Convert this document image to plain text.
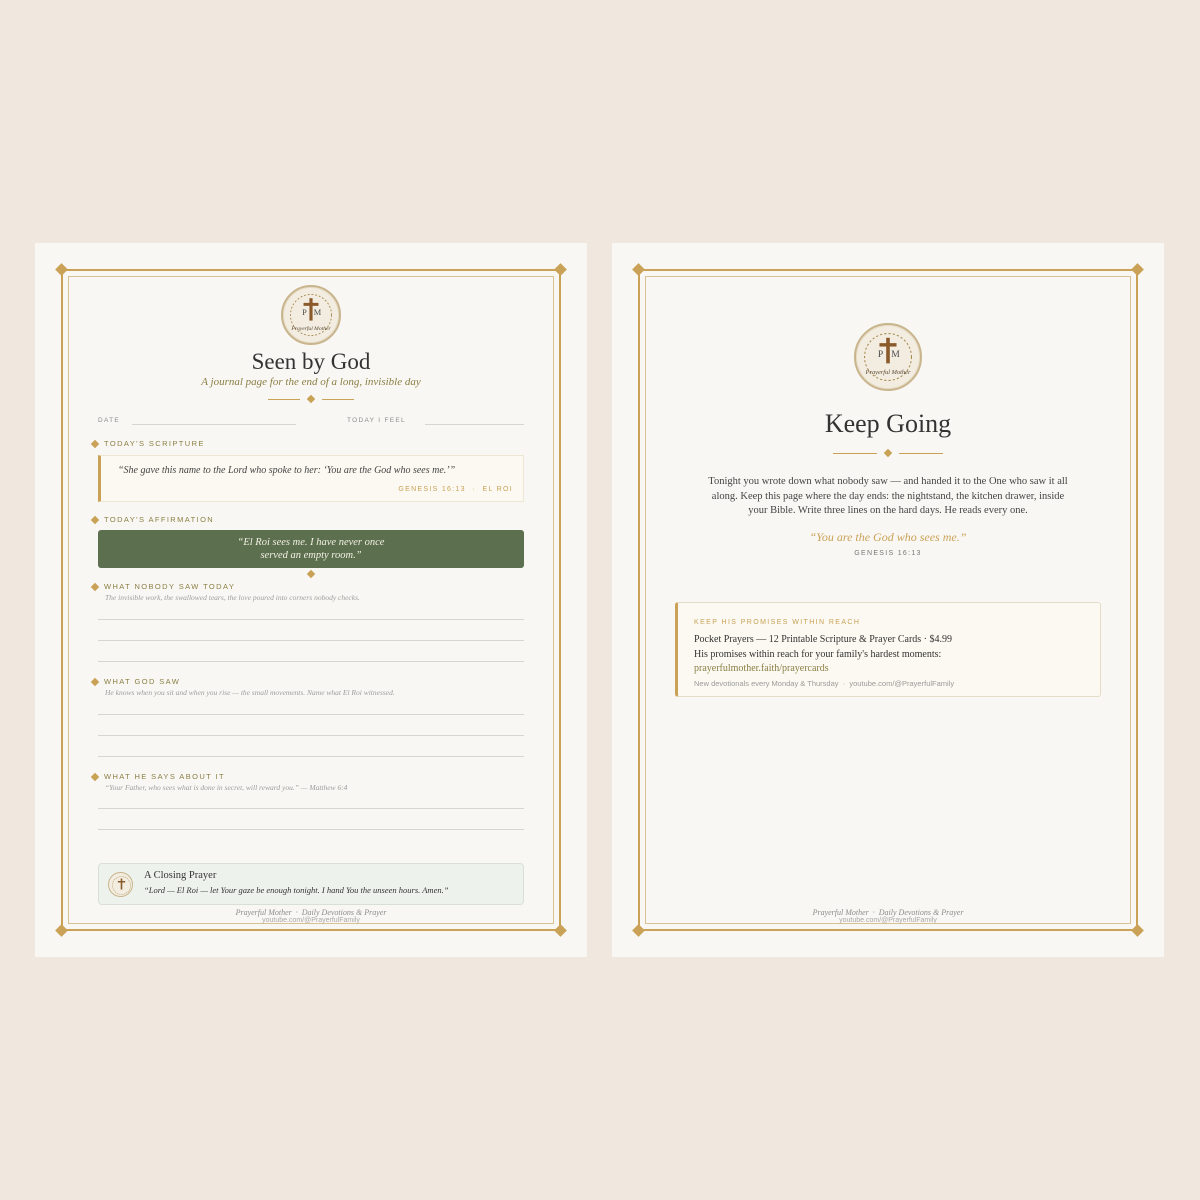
P M
Prayerful Mother
Seen by God
A journal page for the end of a long, invisible day
DATE	TODAY I FEEL
TODAY'S SCRIPTURE
“She gave this name to the Lord who spoke to her: ‘You are the God who sees me.’”
GENESIS 16:13 · EL ROI
TODAY'S AFFIRMATION
“El Roi sees me. I have never once
served an empty room.”
WHAT NOBODY SAW TODAY
The invisible work, the swallowed tears, the love poured into corners nobody checks.
WHAT GOD SAW
He knows when you sit and when you rise — the small movements. Name what El Roi witnessed.
WHAT HE SAYS ABOUT IT
“Your Father, who sees what is done in secret, will reward you.” — Matthew 6:4
A Closing Prayer
“Lord — El Roi — let Your gaze be enough tonight. I hand You the unseen hours. Amen.”
Prayerful Mother · Daily Devotions & Prayer
youtube.com/@PrayerfulFamily
P M
Prayerful Mother
Keep Going
Tonight you wrote down what nobody saw — and handed it to the One who saw it all
along. Keep this page where the day ends: the nightstand, the kitchen drawer, inside
your Bible. Write three lines on the hard days. He reads every one.
“You are the God who sees me.”
GENESIS 16:13
KEEP HIS PROMISES WITHIN REACH
Pocket Prayers — 12 Printable Scripture & Prayer Cards · $4.99
His promises within reach for your family's hardest moments:
prayerfulmother.faith/prayercards
New devotionals every Monday & Thursday · youtube.com/@PrayerfulFamily
Prayerful Mother · Daily Devotions & Prayer
youtube.com/@PrayerfulFamily
